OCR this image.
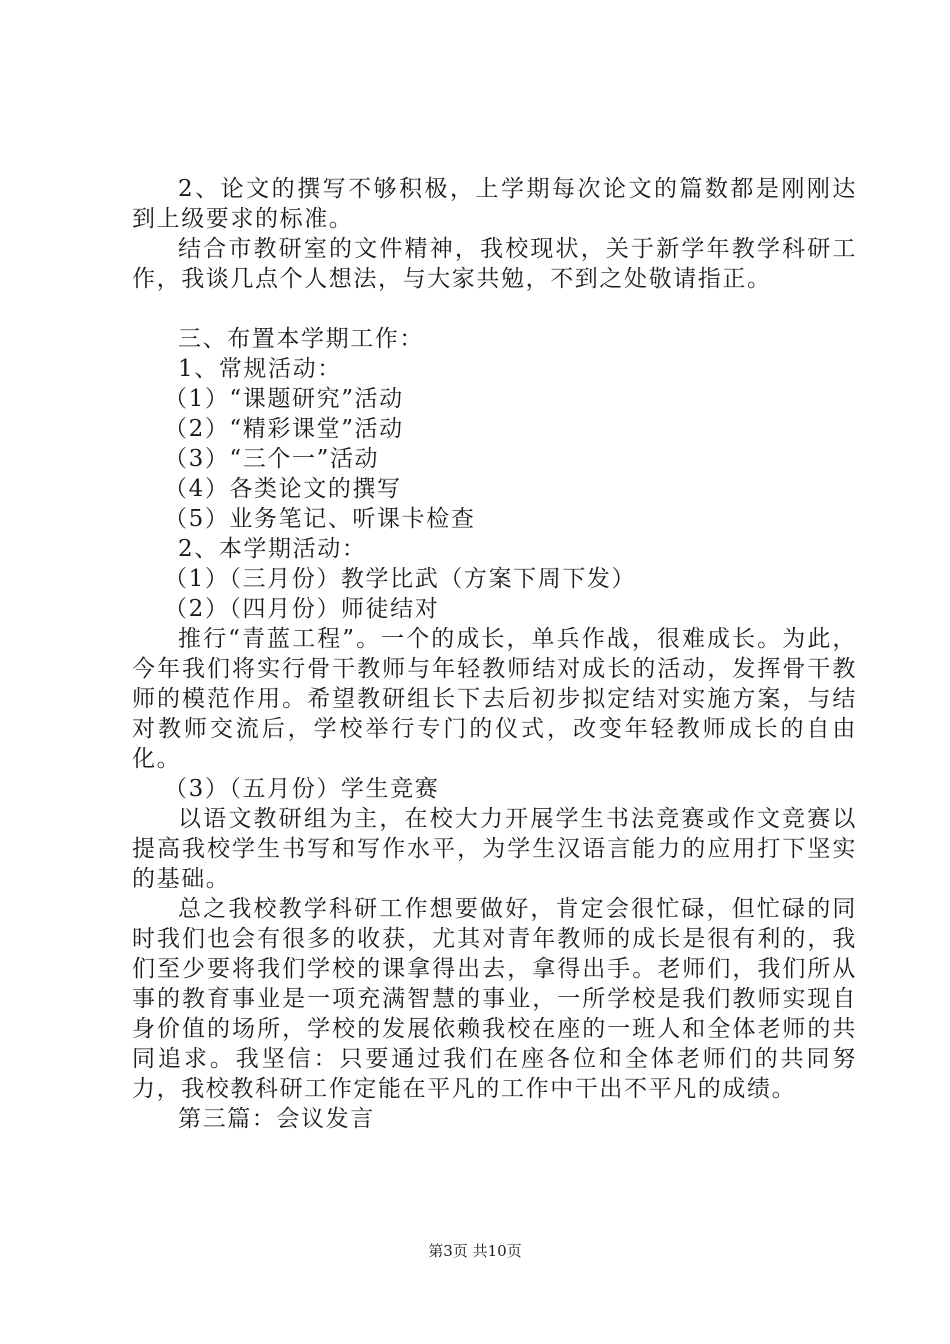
2、论文的撰写不够积极，上学期每次论文的篇数都是刚刚达到上级要求的标准。

结合市教研室的文件精神，我校现状，关于新学年教学科研工作，我谈几点个人想法，与大家共勉，不到之处敬请指正。

三、布置本学期工作：

1、常规活动：

（1）“课题研究”活动

（2）“精彩课堂”活动

（3）“三个一”活动

（4）各类论文的撰写

（5）业务笔记、听课卡检查

2、本学期活动：

（1）（三月份）教学比武（方案下周下发）

（2）（四月份）师徒结对

推行“青蓝工程”。一个的成长，单兵作战，很难成长。为此，今年我们将实行骨干教师与年轻教师结对成长的活动，发挥骨干教师的模范作用。希望教研组长下去后初步拟定结对实施方案，与结对教师交流后，学校举行专门的仪式，改变年轻教师成长的自由化。

（3）（五月份）学生竞赛

以语文教研组为主，在校大力开展学生书法竞赛或作文竞赛以提高我校学生书写和写作水平，为学生汉语言能力的应用打下坚实的基础。

总之我校教学科研工作想要做好，肯定会很忙碌，但忙碌的同时我们也会有很多的收获，尤其对青年教师的成长是很有利的，我们至少要将我们学校的课拿得出去，拿得出手。老师们，我们所从事的教育事业是一项充满智慧的事业，一所学校是我们教师实现自身价值的场所，学校的发展依赖我校在座的一班人和全体老师的共同追求。我坚信：只要通过我们在座各位和全体老师们的共同努力，我校教科研工作定能在平凡的工作中干出不平凡的成绩。

第三篇：会议发言

第3页 共10页
